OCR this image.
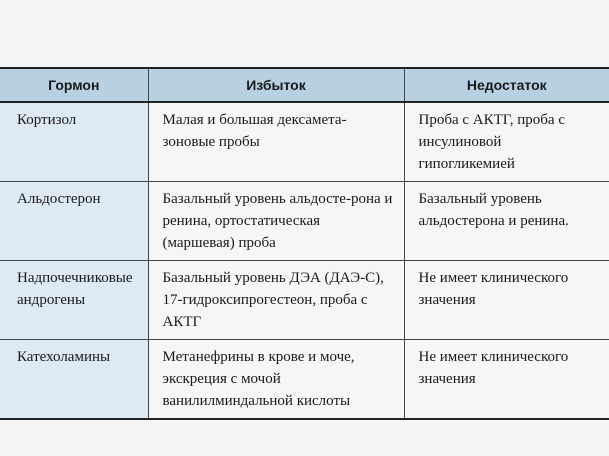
Гормон	Избыток	Недостаток
Кортизол	Малая и большая дексамета-зоновые пробы	Проба с АКТГ, проба с инсулиновой гипогликемией
Альдостерон	Базальный уровень альдосте-рона и ренина, ортостатическая (маршевая) проба	Базальный уровень альдостерона и ренина.
Надпочечниковые андрогены	Базальный уровень ДЭА (ДАЭ-С), 17-гидроксипрогестеон, проба с АКТГ	Не имеет клинического значения
Катехоламины	Метанефрины в крове и моче, экскреция с мочой ванилилминдальной кислоты	Не имеет клинического значения
